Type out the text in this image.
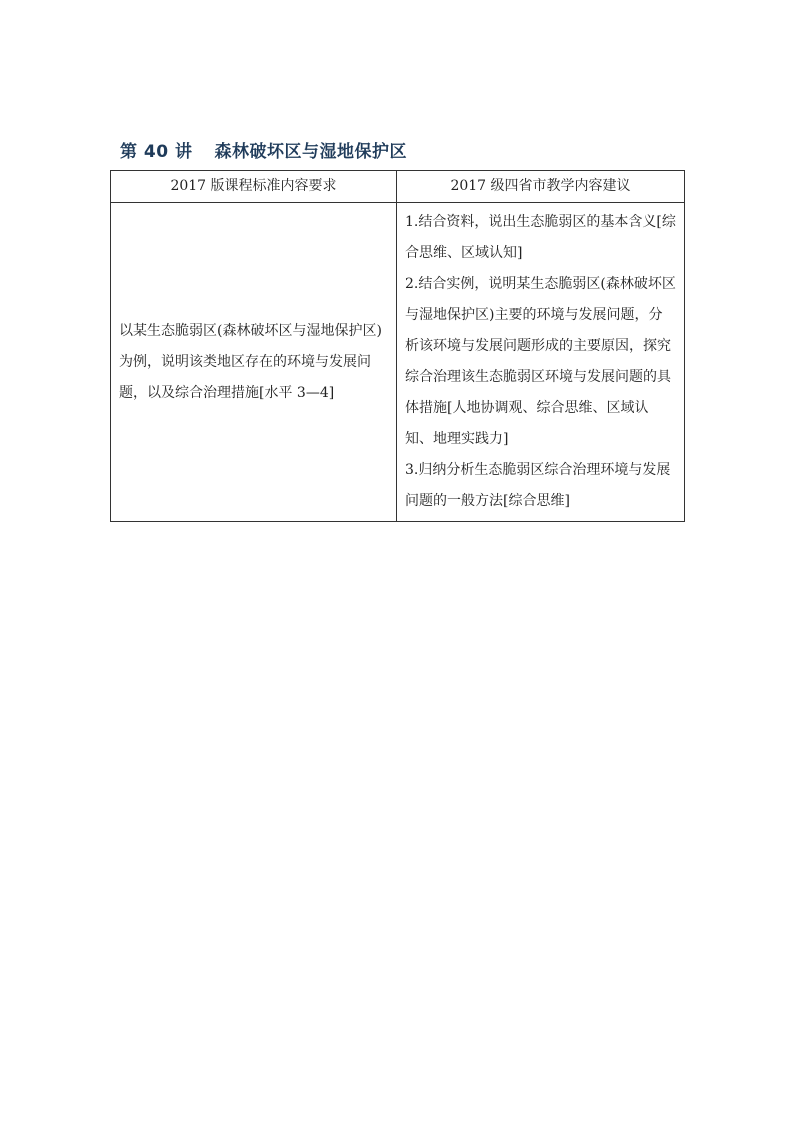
第 40 讲 森林破坏区与湿地保护区
2017 版课程标准内容要求	2017 级四省市教学内容建议
以某生态脆弱区(森林破坏区与湿地保护区)为例，说明该类地区存在的环境与发展问题，以及综合治理措施[水平 3—4]	1.结合资料，说出生态脆弱区的基本含义[综合思维、区域认知]
2.结合实例，说明某生态脆弱区(森林破坏区与湿地保护区)主要的环境与发展问题，分析该环境与发展问题形成的主要原因，探究综合治理该生态脆弱区环境与发展问题的具体措施[人地协调观、综合思维、区域认知、地理实践力]
3.归纳分析生态脆弱区综合治理环境与发展问题的一般方法[综合思维]
